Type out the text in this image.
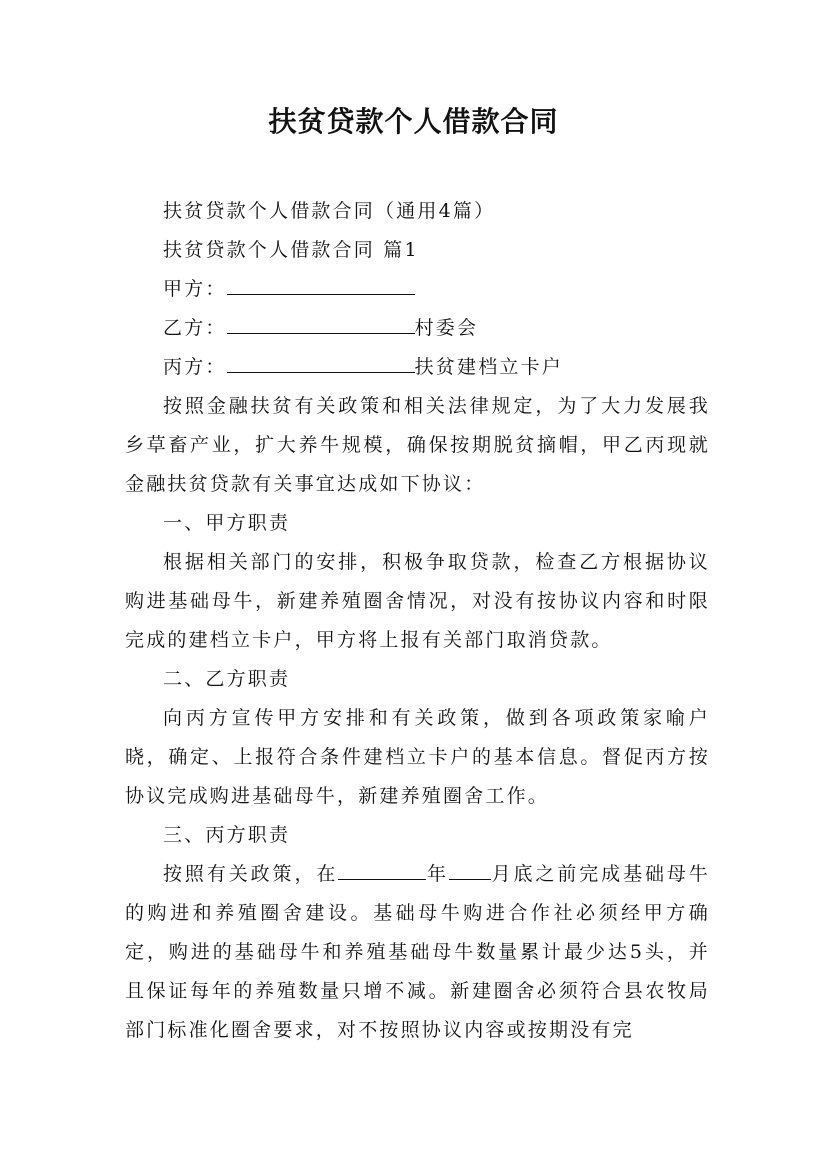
扶贫贷款个人借款合同

扶贫贷款个人借款合同（通用4篇）

扶贫贷款个人借款合同 篇1

甲方：

乙方：	村委会

丙方：	扶贫建档立卡户

按照金融扶贫有关政策和相关法律规定，为了大力发展我乡草畜产业，扩大养牛规模，确保按期脱贫摘帽，甲乙丙现就金融扶贫贷款有关事宜达成如下协议：

一、甲方职责

根据相关部门的安排，积极争取贷款，检查乙方根据协议购进基础母牛，新建养殖圈舍情况，对没有按协议内容和时限完成的建档立卡户，甲方将上报有关部门取消贷款。

二、乙方职责

向丙方宣传甲方安排和有关政策，做到各项政策家喻户晓，确定、上报符合条件建档立卡户的基本信息。督促丙方按协议完成购进基础母牛，新建养殖圈舍工作。

三、丙方职责

按照有关政策，在	年 月底之前完成基础母牛的购进和养殖圈舍建设。基础母牛购进合作社必须经甲方确定，购进的基础母牛和养殖基础母牛数量累计最少达5头，并且保证每年的养殖数量只增不减。新建圈舍必须符合县农牧局部门标准化圈舍要求，对不按照协议内容或按期没有完
